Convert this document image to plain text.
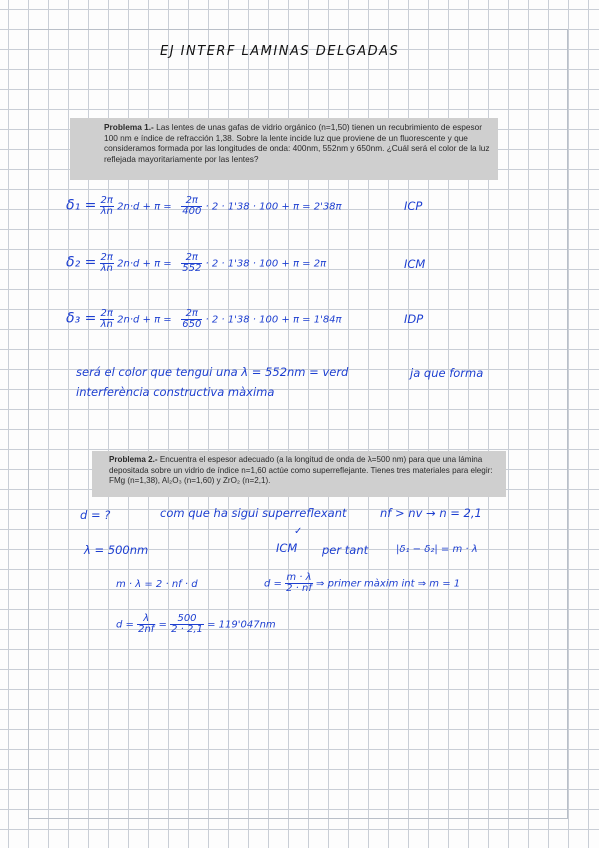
EJ INTERF LAMINAS DELGADAS
Problema 1.- Las lentes de unas gafas de vidrio orgánico (n=1,50) tienen un recubrimiento de espesor 100 nm e índice de refracción 1,38. Sobre la lente incide luz que proviene de un fluorescente y que consideramos formada por las longitudes de onda: 400nm, 552nm y 650nm. ¿Cuál será el color de la luz reflejada mayoritariamente por las lentes?
$\delta_1 = \frac{2\pi}{\lambda n} 2n\cdot d + \pi = \frac{2\pi}{400} \cdot 2 \cdot 1'38 \cdot 100 + \pi = 2'38\pi$	ICP
$\delta_2 = \frac{2\pi}{\lambda n} 2n\cdot d + \pi = \frac{2\pi}{552} \cdot 2 \cdot 1'38 \cdot 100 + \pi = 2\pi$	ICM
$\delta_3 = \frac{2\pi}{\lambda n} 2n\cdot d + \pi = \frac{2\pi}{650} \cdot 2 \cdot 1'38 \cdot 100 + \pi = 1'84\pi$	IDP
será el color que tengui una λ = 552nm = verd	ja que forma
interferència constructiva màxima
Problema 2.- Encuentra el espesor adecuado (a la longitud de onda de λ=500 nm) para que una lámina depositada sobre un vidrio de índice n=1,60 actúe como superreflejante. Tienes tres materiales para elegir: FMg (n=1,38), Al₂O₃ (n=1,60) y ZrO₂ (n=2,1).
d = ?	com que ha sigui superreflexant	nf > nv → n = 2,1
✓
λ = 500nm	ICM per tant	|δ₁ − δ₂| = m · λ
m · λ = 2 · nf · d	$d = \frac{m \cdot \lambda}{2 \cdot nf}$ ⇒ primer màxim int ⇒ m = 1
$d = \frac{\lambda}{2nf} = \frac{500}{2 \cdot 2,1} = 119'047nm$
